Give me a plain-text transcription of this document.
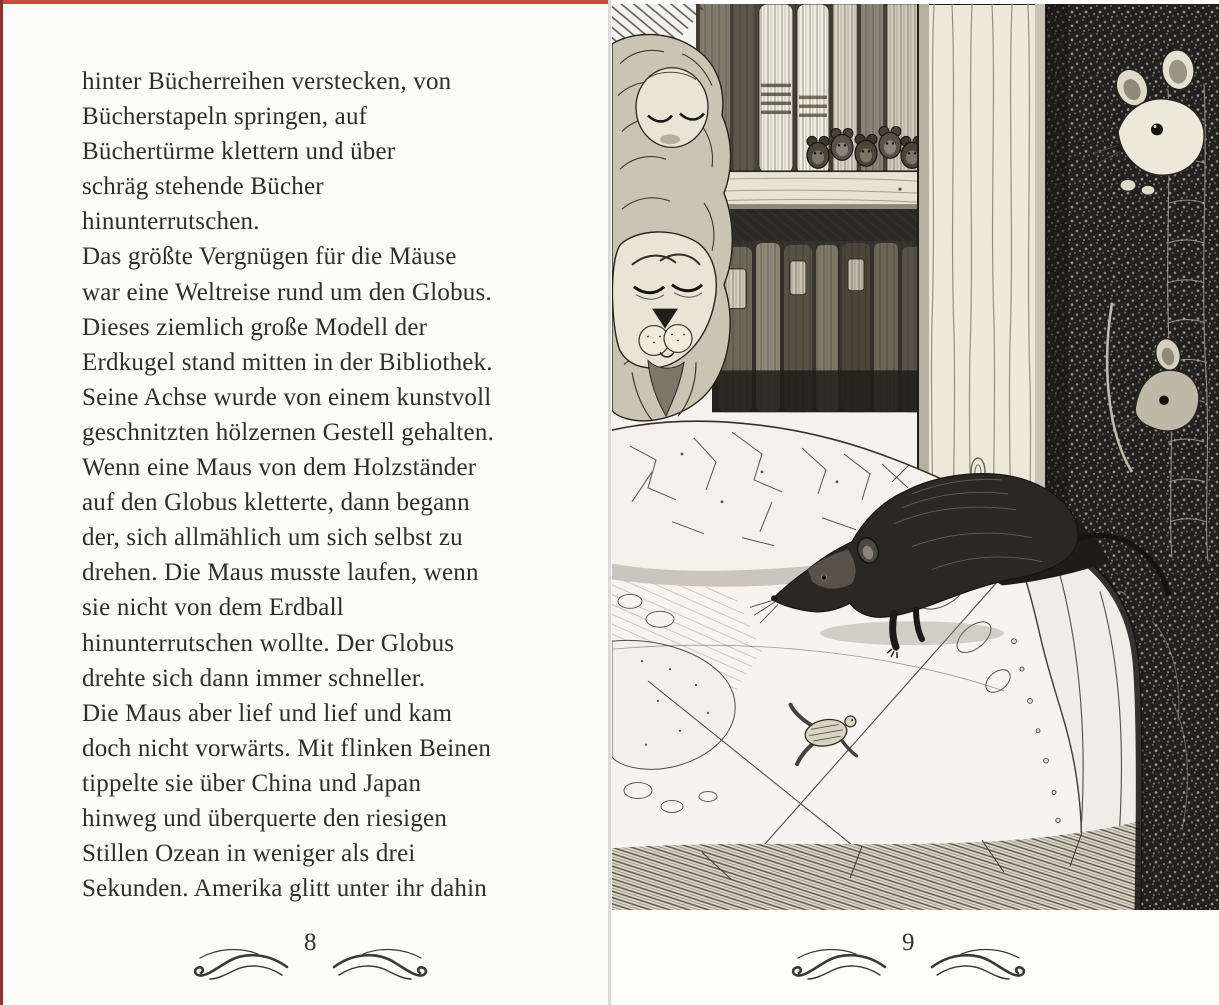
hinter Bücherreihen verstecken, von
Bücherstapeln springen, auf
Büchertürme klettern und über
schräg stehende Bücher
hinunterrutschen.
Das größte Vergnügen für die Mäuse
war eine Weltreise rund um den Globus.
Dieses ziemlich große Modell der
Erdkugel stand mitten in der Bibliothek.
Seine Achse wurde von einem kunstvoll
geschnitzten hölzernen Gestell gehalten.
Wenn eine Maus von dem Holzständer
auf den Globus kletterte, dann begann
der, sich allmählich um sich selbst zu
drehen. Die Maus musste laufen, wenn
sie nicht von dem Erdball
hinunterrutschen wollte. Der Globus
drehte sich dann immer schneller.
Die Maus aber lief und lief und kam
doch nicht vorwärts. Mit flinken Beinen
tippelte sie über China und Japan
hinweg und überquerte den riesigen
Stillen Ozean in weniger als drei
Sekunden. Amerika glitt unter ihr dahin
8	9
